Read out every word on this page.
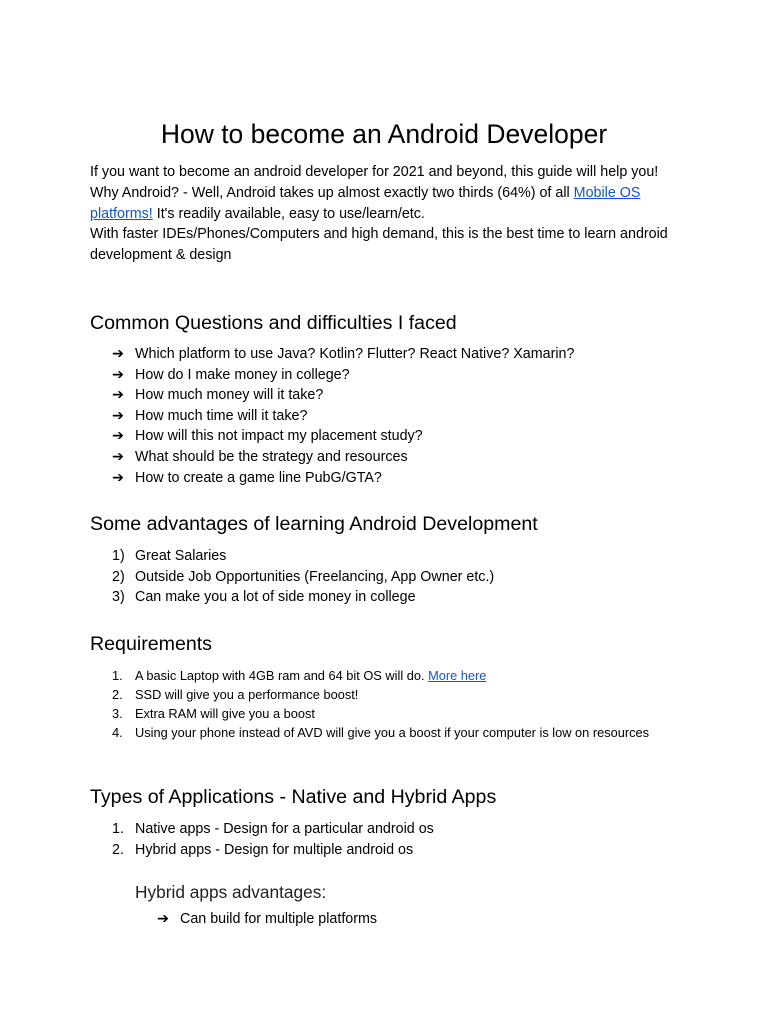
How to become an Android Developer

If you want to become an android developer for 2021 and beyond, this guide will help you!

Why Android? - Well, Android takes up almost exactly two thirds (64%) of all Mobile OS platforms! It's readily available, easy to use/learn/etc.

With faster IDEs/Phones/Computers and high demand, this is the best time to learn android development & design

Common Questions and difficulties I faced
➔ Which platform to use Java? Kotlin? Flutter? React Native? Xamarin?
➔ How do I make money in college?
➔ How much money will it take?
➔ How much time will it take?
➔ How will this not impact my placement study?
➔ What should be the strategy and resources
➔ How to create a game line PubG/GTA?
Some advantages of learning Android Development
1) Great Salaries
2) Outside Job Opportunities (Freelancing, App Owner etc.)
3) Can make you a lot of side money in college
Requirements
1. A basic Laptop with 4GB ram and 64 bit OS will do. More here
2. SSD will give you a performance boost!
3. Extra RAM will give you a boost
4. Using your phone instead of AVD will give you a boost if your computer is low on resources
Types of Applications - Native and Hybrid Apps
1. Native apps - Design for a particular android os
2. Hybrid apps - Design for multiple android os
Hybrid apps advantages:
➔ Can build for multiple platforms
